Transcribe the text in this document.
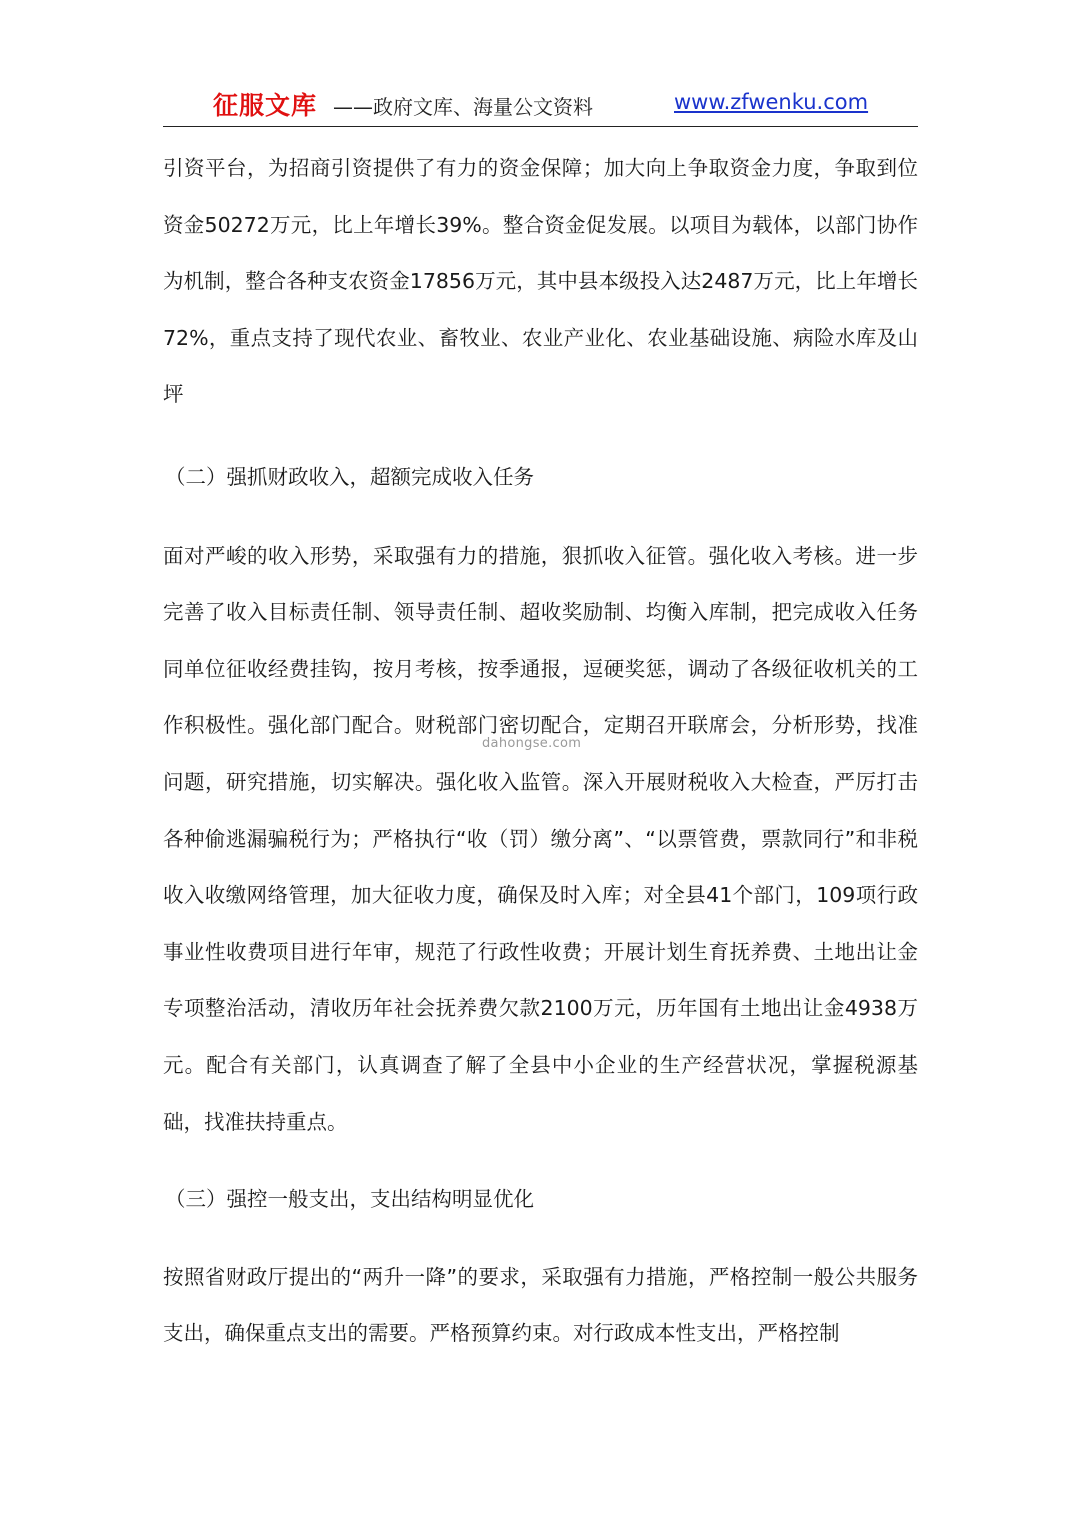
征服文库 ——政府文库、海量公文资料	www.zfwenku.com

引资平台，为招商引资提供了有力的资金保障；加大向上争取资金力度，争取到位资金50272万元，比上年增长39%。整合资金促发展。以项目为载体，以部门协作为机制，整合各种支农资金17856万元，其中县本级投入达2487万元，比上年增长72%，重点支持了现代农业、畜牧业、农业产业化、农业基础设施、病险水库及山坪

（二）强抓财政收入，超额完成收入任务

面对严峻的收入形势，采取强有力的措施，狠抓收入征管。强化收入考核。进一步完善了收入目标责任制、领导责任制、超收奖励制、均衡入库制，把完成收入任务同单位征收经费挂钩，按月考核，按季通报，逗硬奖惩，调动了各级征收机关的工作积极性。强化部门配合。财税部门密切配合，定期召开联席会，分析形势，找准问题，研究措施，切实解决。强化收入监管。深入开展财税收入大检查，严厉打击各种偷逃漏骗税行为；严格执行“收（罚）缴分离”、“以票管费，票款同行”和非税收入收缴网络管理，加大征收力度，确保及时入库；对全县41个部门，109项行政事业性收费项目进行年审，规范了行政性收费；开展计划生育抚养费、土地出让金专项整治活动，清收历年社会抚养费欠款2100万元，历年国有土地出让金4938万元。配合有关部门，认真调查了解了全县中小企业的生产经营状况，掌握税源基础，找准扶持重点。

（三）强控一般支出，支出结构明显优化

按照省财政厅提出的“两升一降”的要求，采取强有力措施，严格控制一般公共服务支出，确保重点支出的需要。严格预算约束。对行政成本性支出，严格控制

dahongse.com
